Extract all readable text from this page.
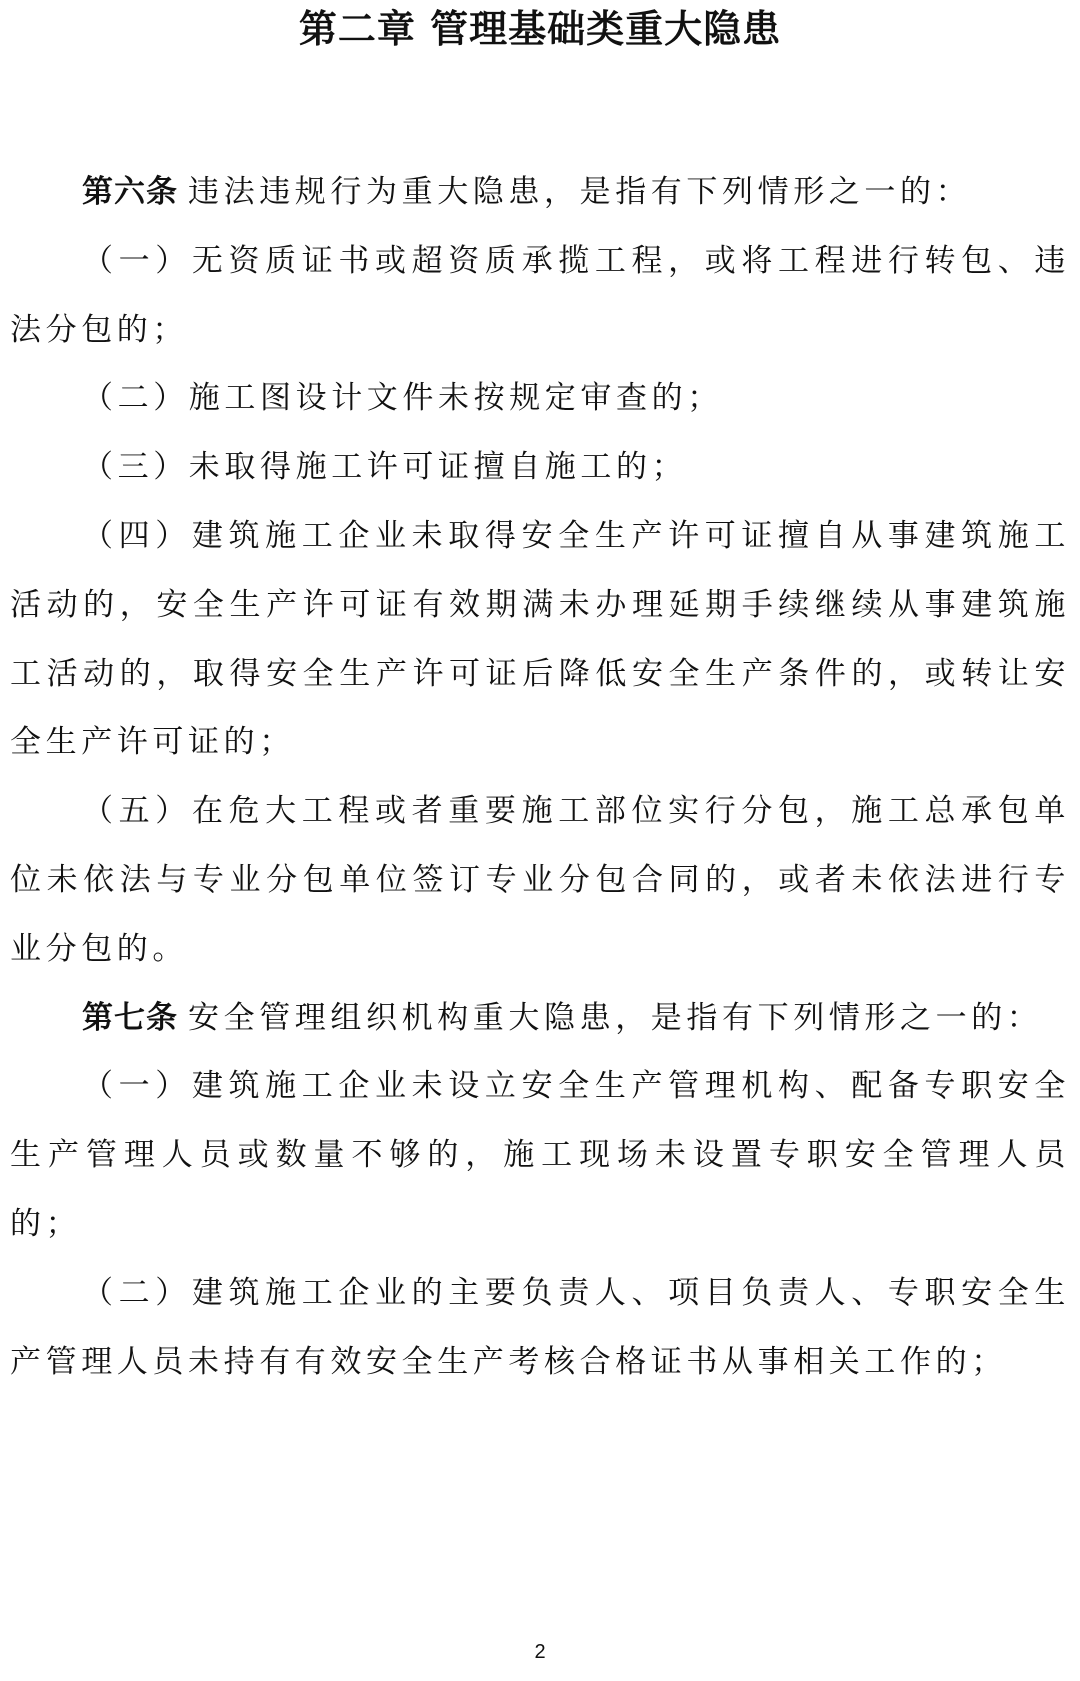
第二章 管理基础类重大隐患

第六条 违法违规行为重大隐患，是指有下列情形之一的：

（一）无资质证书或超资质承揽工程，或将工程进行转包、违法分包的；

（二）施工图设计文件未按规定审查的；

（三）未取得施工许可证擅自施工的；

（四）建筑施工企业未取得安全生产许可证擅自从事建筑施工活动的，安全生产许可证有效期满未办理延期手续继续从事建筑施工活动的，取得安全生产许可证后降低安全生产条件的，或转让安全生产许可证的；

（五）在危大工程或者重要施工部位实行分包，施工总承包单位未依法与专业分包单位签订专业分包合同的，或者未依法进行专业分包的。

第七条 安全管理组织机构重大隐患，是指有下列情形之一的：

（一）建筑施工企业未设立安全生产管理机构、配备专职安全生产管理人员或数量不够的，施工现场未设置专职安全管理人员的；

（二）建筑施工企业的主要负责人、项目负责人、专职安全生产管理人员未持有有效安全生产考核合格证书从事相关工作的；

2
